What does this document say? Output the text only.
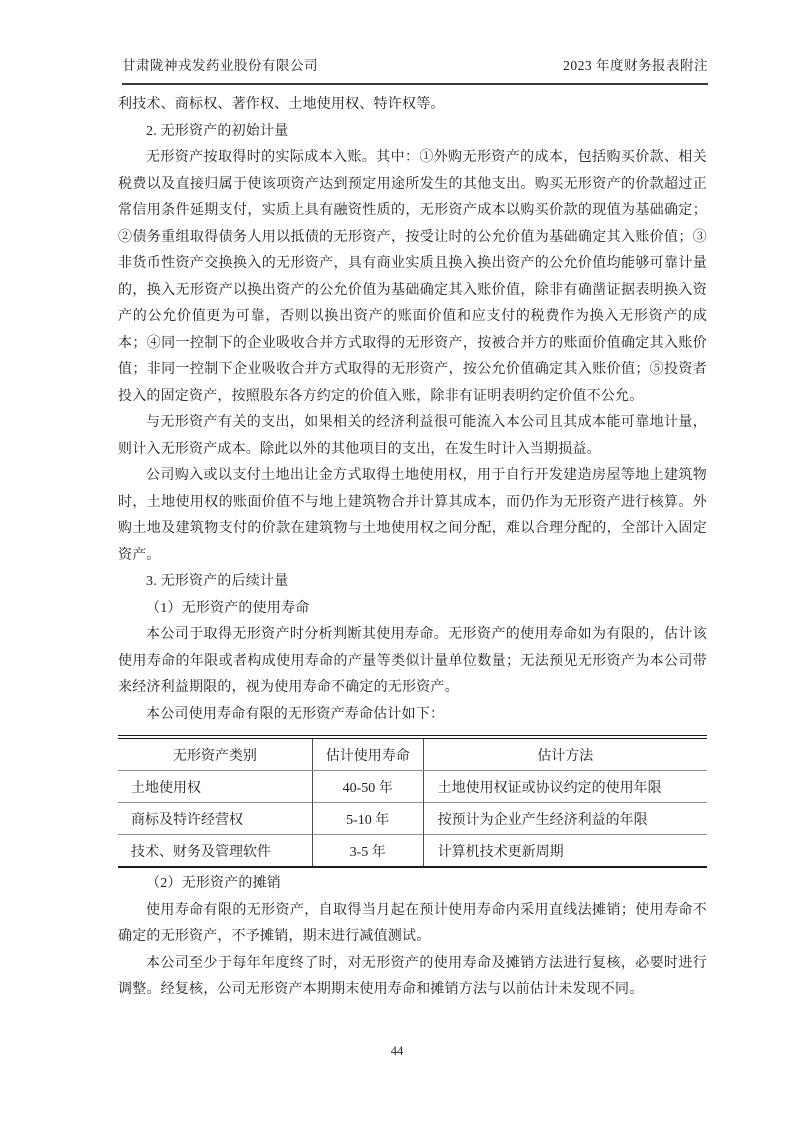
甘肃陇神戎发药业股份有限公司	2023 年度财务报表附注

利技术、商标权、著作权、土地使用权、特许权等。

2. 无形资产的初始计量

无形资产按取得时的实际成本入账。其中：①外购无形资产的成本，包括购买价款、相关税费以及直接归属于使该项资产达到预定用途所发生的其他支出。购买无形资产的价款超过正常信用条件延期支付，实质上具有融资性质的，无形资产成本以购买价款的现值为基础确定；②债务重组取得债务人用以抵债的无形资产，按受让时的公允价值为基础确定其入账价值；③非货币性资产交换换入的无形资产，具有商业实质且换入换出资产的公允价值均能够可靠计量的，换入无形资产以换出资产的公允价值为基础确定其入账价值，除非有确凿证据表明换入资产的公允价值更为可靠，否则以换出资产的账面价值和应支付的税费作为换入无形资产的成本；④同一控制下的企业吸收合并方式取得的无形资产，按被合并方的账面价值确定其入账价值；非同一控制下企业吸收合并方式取得的无形资产，按公允价值确定其入账价值；⑤投资者投入的固定资产，按照股东各方约定的价值入账，除非有证明表明约定价值不公允。

与无形资产有关的支出，如果相关的经济利益很可能流入本公司且其成本能可靠地计量，则计入无形资产成本。除此以外的其他项目的支出，在发生时计入当期损益。

公司购入或以支付土地出让金方式取得土地使用权，用于自行开发建造房屋等地上建筑物时，土地使用权的账面价值不与地上建筑物合并计算其成本，而仍作为无形资产进行核算。外购土地及建筑物支付的价款在建筑物与土地使用权之间分配，难以合理分配的，全部计入固定资产。

3. 无形资产的后续计量

（1）无形资产的使用寿命

本公司于取得无形资产时分析判断其使用寿命。无形资产的使用寿命如为有限的，估计该使用寿命的年限或者构成使用寿命的产量等类似计量单位数量；无法预见无形资产为本公司带来经济利益期限的，视为使用寿命不确定的无形资产。

本公司使用寿命有限的无形资产寿命估计如下：

无形资产类别	估计使用寿命	估计方法
土地使用权	40-50 年	土地使用权证或协议约定的使用年限
商标及特许经营权	5-10 年	按预计为企业产生经济利益的年限
技术、财务及管理软件	3-5 年	计算机技术更新周期

（2）无形资产的摊销

使用寿命有限的无形资产，自取得当月起在预计使用寿命内采用直线法摊销；使用寿命不确定的无形资产，不予摊销，期末进行减值测试。

本公司至少于每年年度终了时，对无形资产的使用寿命及摊销方法进行复核，必要时进行调整。经复核，公司无形资产本期期末使用寿命和摊销方法与以前估计未发现不同。

44
